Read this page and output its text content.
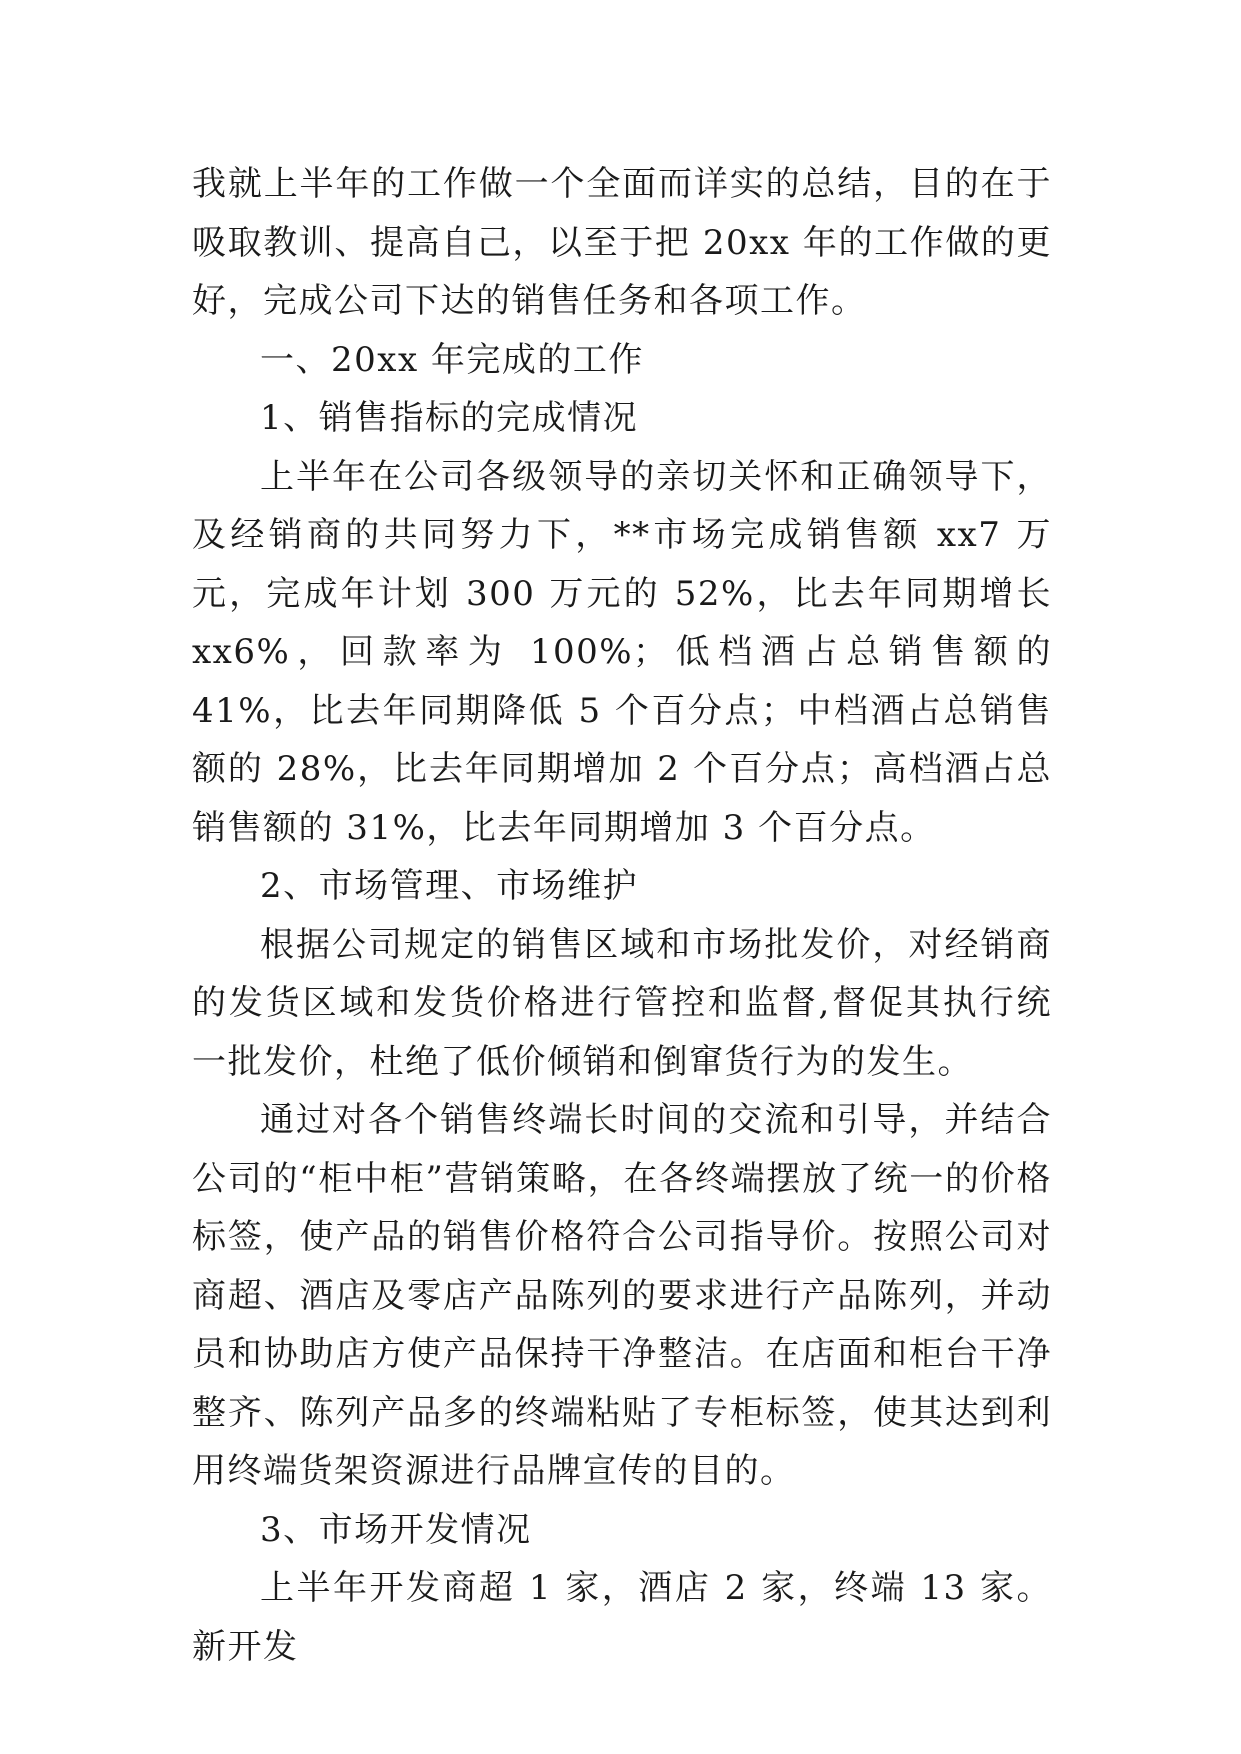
我就上半年的工作做一个全面而详实的总结，目的在于吸取教训、提高自己，以至于把 20xx 年的工作做的更好，完成公司下达的销售任务和各项工作。

一、20xx 年完成的工作

1、销售指标的完成情况

上半年在公司各级领导的亲切关怀和正确领导下，及经销商的共同努力下，**市场完成销售额 xx7 万元，完成年计划 300 万元的 52%，比去年同期增长 xx6%，回款率为 100%；低档酒占总销售额的 41%，比去年同期降低 5 个百分点；中档酒占总销售额的 28%，比去年同期增加 2 个百分点；高档酒占总销售额的 31%，比去年同期增加 3 个百分点。

2、市场管理、市场维护

根据公司规定的销售区域和市场批发价，对经销商的发货区域和发货价格进行管控和监督,督促其执行统一批发价，杜绝了低价倾销和倒窜货行为的发生。

通过对各个销售终端长时间的交流和引导，并结合公司的“柜中柜”营销策略，在各终端摆放了统一的价格标签，使产品的销售价格符合公司指导价。按照公司对商超、酒店及零店产品陈列的要求进行产品陈列，并动员和协助店方使产品保持干净整洁。在店面和柜台干净整齐、陈列产品多的终端粘贴了专柜标签，使其达到利用终端货架资源进行品牌宣传的目的。

3、市场开发情况

上半年开发商超 1 家，酒店 2 家，终端 13 家。新开发
